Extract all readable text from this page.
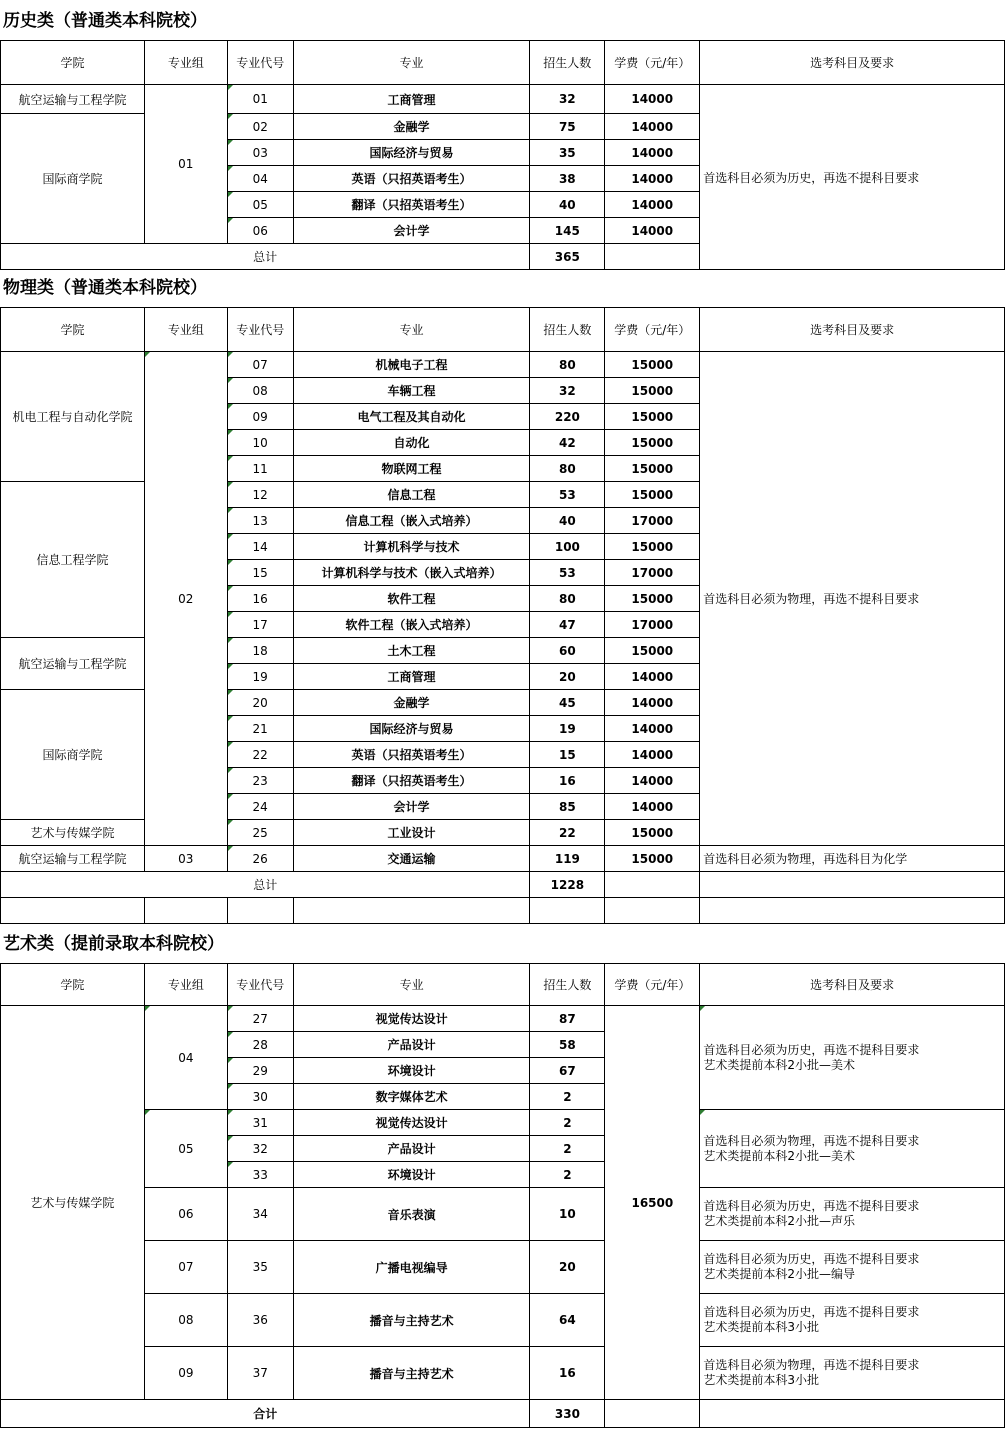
历史类（普通类本科院校）
学院	专业组	专业代号	专业	招生人数	学费（元/年）	选考科目及要求
航空运输与工程学院	01	01	工商管理	32	14000	首选科目必须为历史，再选不提科目要求
国际商学院		02	金融学	75	14000	
		03	国际经济与贸易	35	14000	
		04	英语（只招英语考生）	38	14000	
		05	翻译（只招英语考生）	40	14000	
		06	会计学	145	14000	
总计				365		
物理类（普通类本科院校）
学院	专业组	专业代号	专业	招生人数	学费（元/年）	选考科目及要求
机电工程与自动化学院	02	07	机械电子工程	80	15000	首选科目必须为物理，再选不提科目要求
		08	车辆工程	32	15000	
		09	电气工程及其自动化	220	15000	
		10	自动化	42	15000	
		11	物联网工程	80	15000	
信息工程学院		12	信息工程	53	15000	
		13	信息工程（嵌入式培养）	40	17000	
		14	计算机科学与技术	100	15000	
		15	计算机科学与技术（嵌入式培养）	53	17000	
		16	软件工程	80	15000	
		17	软件工程（嵌入式培养）	47	17000	
航空运输与工程学院		18	土木工程	60	15000	
		19	工商管理	20	14000	
国际商学院		20	金融学	45	14000	
		21	国际经济与贸易	19	14000	
		22	英语（只招英语考生）	15	14000	
		23	翻译（只招英语考生）	16	14000	
		24	会计学	85	14000	
艺术与传媒学院		25	工业设计	22	15000	
航空运输与工程学院	03	26	交通运输	119	15000	首选科目必须为物理，再选科目为化学
总计				1228		

艺术类（提前录取本科院校）
学院	专业组	专业代号	专业	招生人数	学费（元/年）	选考科目及要求
艺术与传媒学院	04	27	视觉传达设计	87	16500	首选科目必须为历史，再选不提科目要求
艺术类提前本科2小批—美术
		28	产品设计	58		
		29	环境设计	67		
		30	数字媒体艺术	2		
	05	31	视觉传达设计	2		首选科目必须为物理，再选不提科目要求
艺术类提前本科2小批—美术
		32	产品设计	2		
		33	环境设计	2		
	06	34	音乐表演	10		首选科目必须为历史，再选不提科目要求
艺术类提前本科2小批—声乐
	07	35	广播电视编导	20		首选科目必须为历史，再选不提科目要求
艺术类提前本科2小批—编导
	08	36	播音与主持艺术	64		首选科目必须为历史，再选不提科目要求
艺术类提前本科3小批
	09	37	播音与主持艺术	16		首选科目必须为物理，再选不提科目要求
艺术类提前本科3小批
合计				330		
